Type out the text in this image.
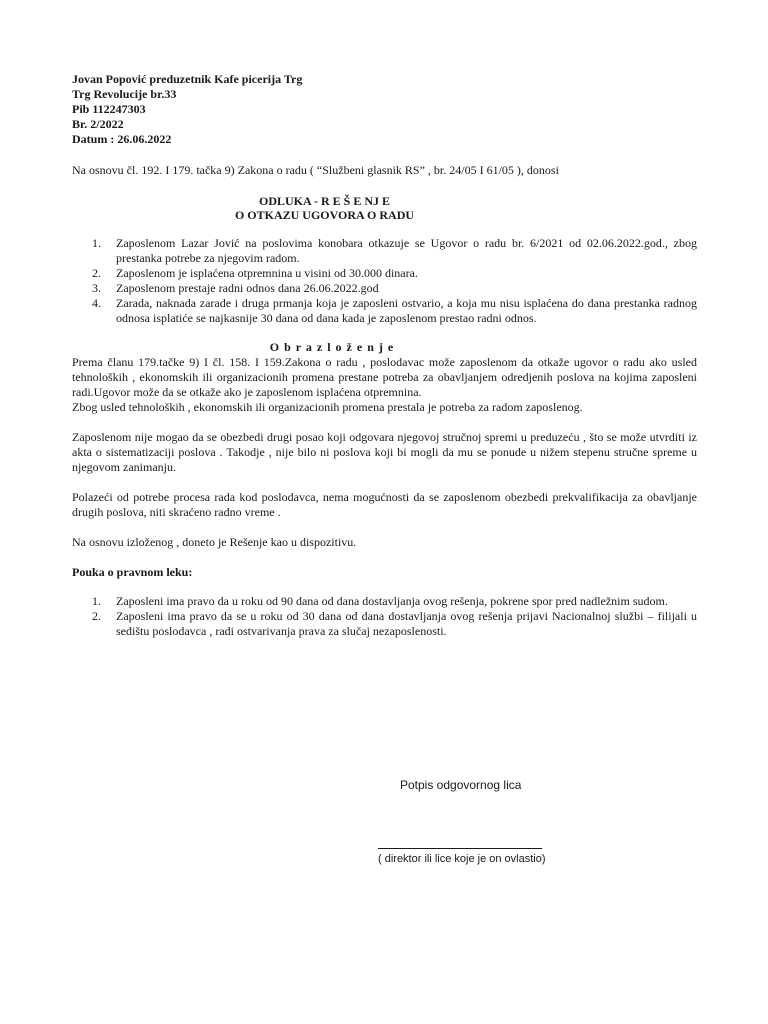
Jovan Popović preduzetnik Kafe picerija Trg
Trg Revolucije br.33
Pib 112247303
Br. 2/2022
Datum : 26.06.2022
Na osnovu čl. 192. I 179. tačka 9) Zakona o radu ( “Službeni glasnik RS” , br. 24/05 I 61/05 ), donosi
ODLUKA - R E Š E NJ E
O OTKAZU UGOVORA O RADU
1. Zaposlenom Lazar Jović na poslovima konobara otkazuje se Ugovor o radu br. 6/2021 od 02.06.2022.god., zbog prestanka potrebe za njegovim radom.
2. Zaposlenom je isplaćena otpremnina u visini od 30.000 dinara.
3. Zaposlenom prestaje radni odnos dana 26.06.2022.god
4. Zarada, naknada zarade i druga prmanja koja je zaposleni ostvario, a koja mu nisu isplaćena do dana prestanka radnog odnosa isplatiće se najkasnije 30 dana od dana kada je zaposlenom prestao radni odnos.
O b r a z l o ž e n j e
Prema članu 179.tačke 9) I čl. 158. I 159.Zakona o radu , poslodavac može zaposlenom da otkaže ugovor o radu ako usled tehnoloških , ekonomskih ili organizacionih promena prestane potreba za obavljanjem odredjenih poslova na kojima zaposleni radi.Ugovor može da se otkaže ako je zaposlenom isplaćena otpremnina.
Zbog usled tehnoloških , ekonomskih ili organizacionih promena prestala je potreba za radom zaposlenog.
Zaposlenom nije mogao da se obezbedi drugi posao koji odgovara njegovoj stručnoj spremi u preduzeću , što se može utvrditi iz akta o sistematizaciji poslova . Takodje , nije bilo ni poslova koji bi mogli da mu se ponude u nižem stepenu stručne spreme u njegovom zanimanju.
Polazeći od potrebe procesa rada kod poslodavca, nema mogućnosti da se zaposlenom obezbedi prekvalifikacija za obavljanje drugih poslova, niti skraćeno radno vreme .
Na osnovu izloženog , doneto je Rešenje kao u dispozitivu.
Pouka o pravnom leku:
1. Zaposleni ima pravo da u roku od 90 dana od dana dostavljanja ovog rešenja, pokrene spor pred nadležnim sudom.
2. Zaposleni ima pravo da se u roku od 30 dana od dana dostavljanja ovog rešenja prijavi Nacionalnoj službi – filijali u sedištu poslodavca , radi ostvarivanja prava za slučaj nezaposlenosti.
Potpis odgovornog lica
( direktor ili lice koje je on ovlastio)
